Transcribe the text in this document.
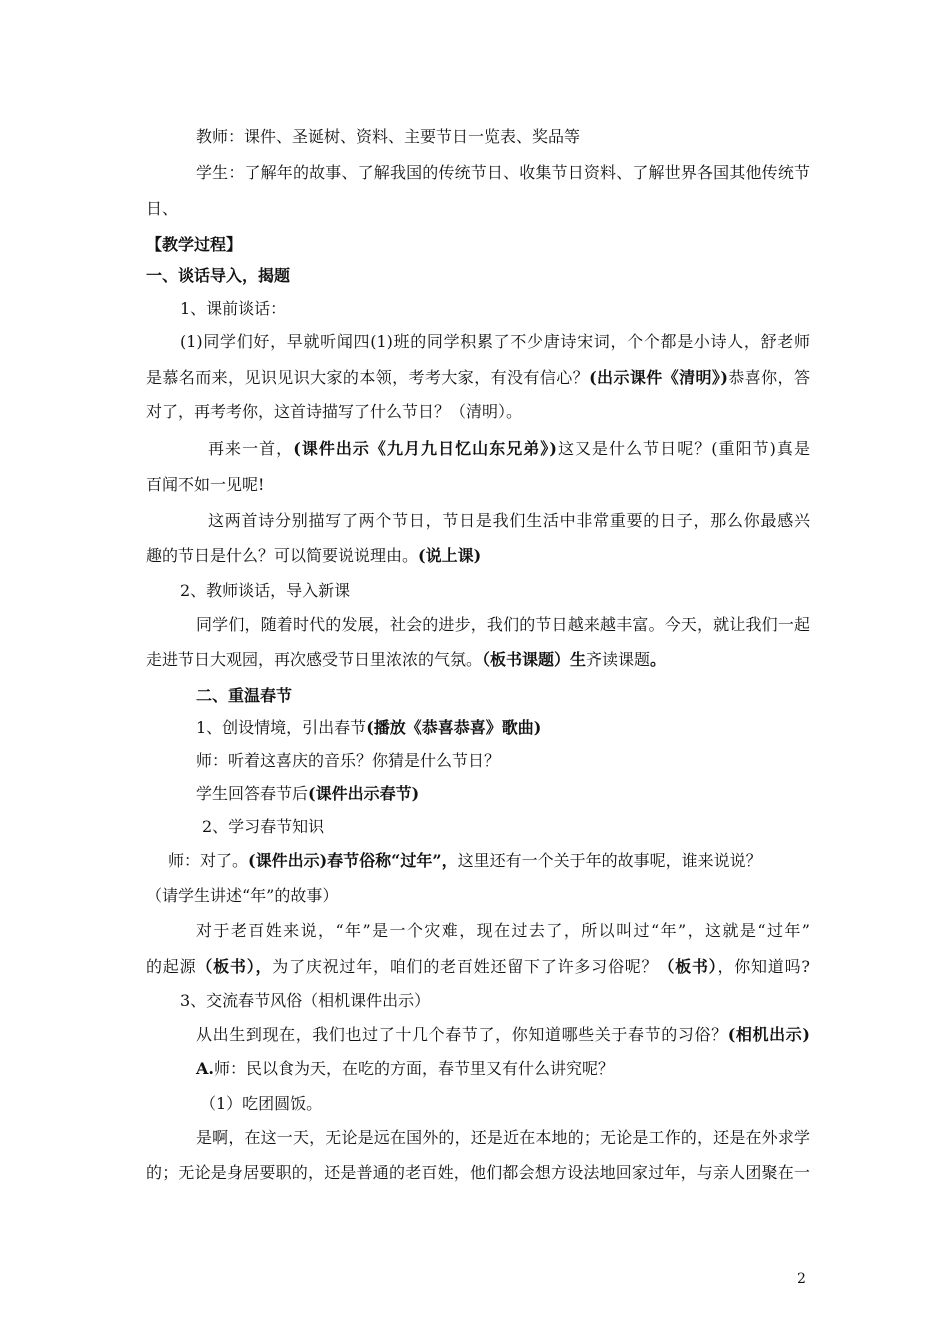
教师：课件、圣诞树、资料、主要节日一览表、奖品等
学生：了解年的故事、了解我国的传统节日、收集节日资料、了解世界各国其他传统节
日、
【教学过程】
一、谈话导入，揭题
1、课前谈话：
(1)同学们好，早就听闻四(1)班的同学积累了不少唐诗宋词，个个都是小诗人，舒老师
是慕名而来，见识见识大家的本领，考考大家，有没有信心？(出示课件《清明》)恭喜你，答
对了，再考考你，这首诗描写了什么节日？（清明）。
再来一首，(课件出示《九月九日忆山东兄弟》)这又是什么节日呢？(重阳节)真是
百闻不如一见呢!
这两首诗分别描写了两个节日，节日是我们生活中非常重要的日子，那么你最感兴
趣的节日是什么？可以简要说说理由。(说上课)
2、教师谈话，导入新课
同学们，随着时代的发展，社会的进步，我们的节日越来越丰富。今天，就让我们一起
走进节日大观园，再次感受节日里浓浓的气氛。（板书课题）生齐读课题。
二、重温春节
1、创设情境，引出春节(播放《恭喜恭喜》歌曲)
师：听着这喜庆的音乐？你猜是什么节日？
学生回答春节后(课件出示春节)
2、学习春节知识
师：对了。(课件出示)春节俗称“过年”，这里还有一个关于年的故事呢，谁来说说？
（请学生讲述“年”的故事）
对于老百姓来说，“年”是一个灾难，现在过去了，所以叫过“年”，这就是“过年”
的起源（板书），为了庆祝过年，咱们的老百姓还留下了许多习俗呢？（板书），你知道吗?
3、交流春节风俗（相机课件出示）
从出生到现在，我们也过了十几个春节了，你知道哪些关于春节的习俗？(相机出示)
A.师：民以食为天，在吃的方面，春节里又有什么讲究呢？
（1）吃团圆饭。
是啊，在这一天，无论是远在国外的，还是近在本地的；无论是工作的，还是在外求学
的；无论是身居要职的，还是普通的老百姓，他们都会想方设法地回家过年，与亲人团聚在一
2
